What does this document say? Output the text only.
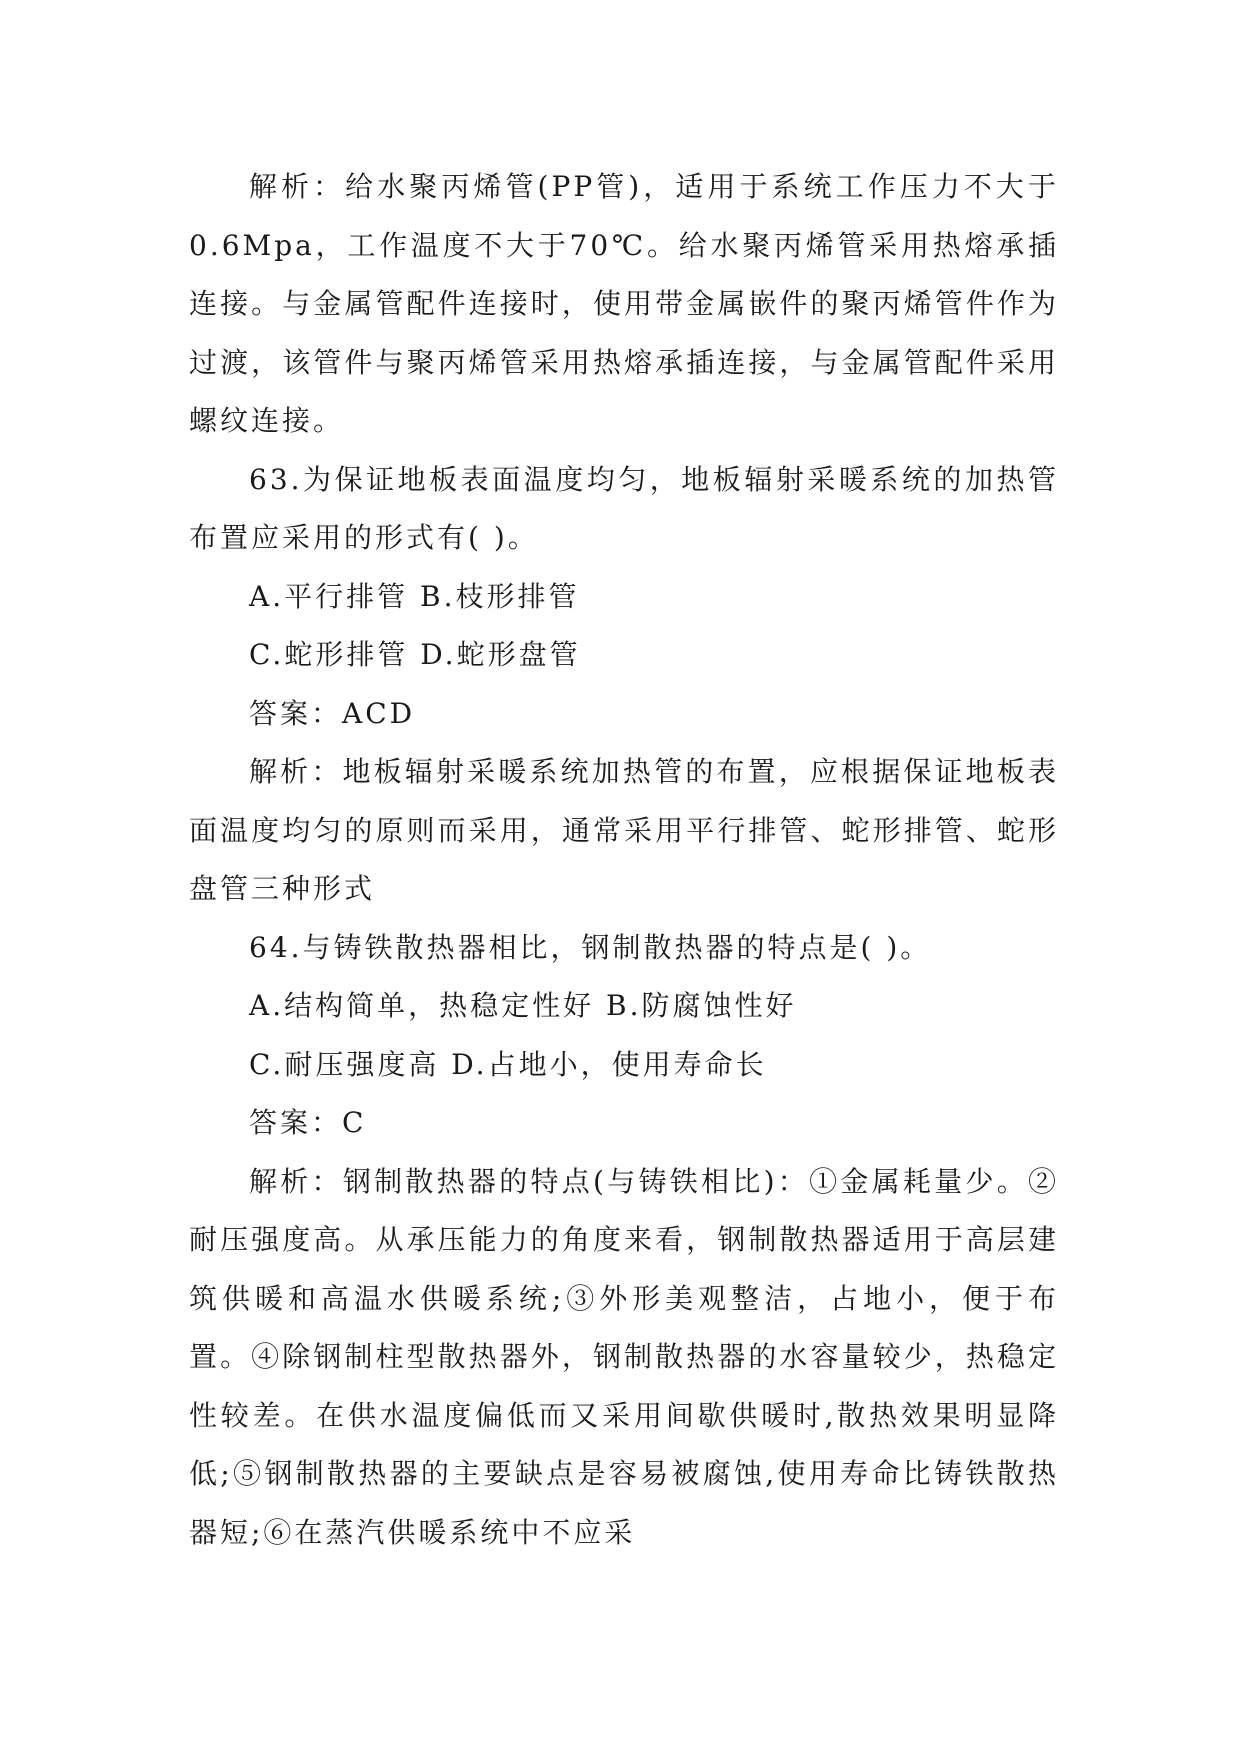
解析：给水聚丙烯管(PP管)，适用于系统工作压力不大于0.6Mpa，工作温度不大于70℃。给水聚丙烯管采用热熔承插连接。与金属管配件连接时，使用带金属嵌件的聚丙烯管件作为过渡，该管件与聚丙烯管采用热熔承插连接，与金属管配件采用螺纹连接。

63.为保证地板表面温度均匀，地板辐射采暖系统的加热管布置应采用的形式有( )。

A.平行排管 B.枝形排管

C.蛇形排管 D.蛇形盘管

答案：ACD

解析：地板辐射采暖系统加热管的布置，应根据保证地板表面温度均匀的原则而采用，通常采用平行排管、蛇形排管、蛇形盘管三种形式

64.与铸铁散热器相比，钢制散热器的特点是( )。

A.结构简单，热稳定性好 B.防腐蚀性好

C.耐压强度高 D.占地小，使用寿命长

答案：C

解析：钢制散热器的特点(与铸铁相比)：①金属耗量少。②耐压强度高。从承压能力的角度来看，钢制散热器适用于高层建筑供暖和高温水供暖系统;③外形美观整洁，占地小，便于布置。④除钢制柱型散热器外，钢制散热器的水容量较少，热稳定性较差。在供水温度偏低而又采用间歇供暖时,散热效果明显降低;⑤钢制散热器的主要缺点是容易被腐蚀,使用寿命比铸铁散热器短;⑥在蒸汽供暖系统中不应采
